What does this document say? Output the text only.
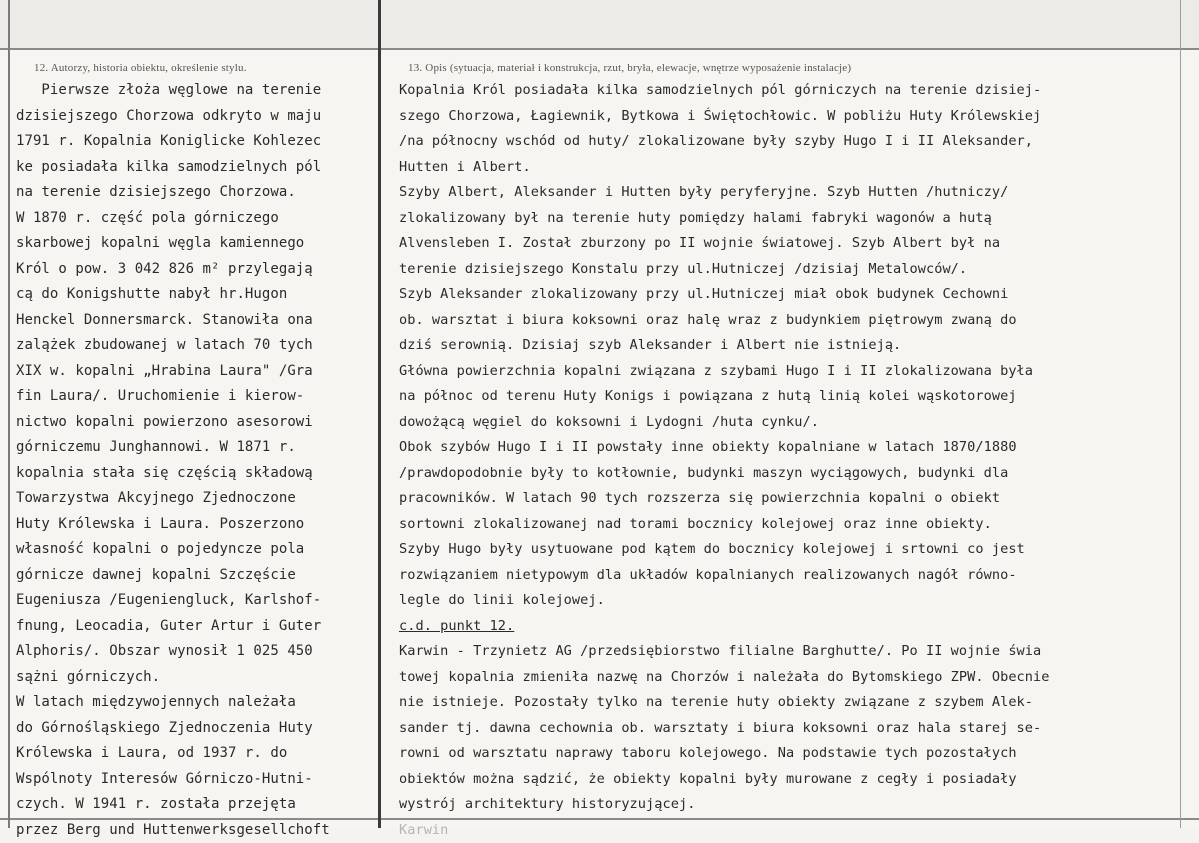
12. Autorzy, historia obiektu, określenie stylu.	13. Opis (sytuacja, materiał i konstrukcja, rzut, bryła, elewacje, wnętrze wyposażenie instalacje)
Pierwsze złoża węglowe na terenie
dzisiejszego Chorzowa odkryto w maju
1791 r. Kopalnia Koniglicke Kohlezec
ke posiadała kilka samodzielnych pól
na terenie dzisiejszego Chorzowa.
W 1870 r. część pola górniczego
skarbowej kopalni węgla kamiennego
Król o pow. 3 042 826 m² przylegają
cą do Konigshutte nabył hr.Hugon
Henckel Donnersmarck. Stanowiła ona
zalążek zbudowanej w latach 70 tych
XIX w. kopalni „Hrabina Laura" /Gra
fin Laura/. Uruchomienie i kierow-
nictwo kopalni powierzono asesorowi
górniczemu Junghannowi. W 1871 r.
kopalnia stała się częścią składową
Towarzystwa Akcyjnego Zjednoczone
Huty Królewska i Laura. Poszerzono
własność kopalni o pojedyncze pola
górnicze dawnej kopalni Szczęście
Eugeniusza /Eugeniengluck, Karlshof-
fnung, Leocadia, Guter Artur i Guter
Alphoris/. Obszar wynosił 1 025 450
sążni górniczych.
W latach międzywojennych należała
do Górnośląskiego Zjednoczenia Huty
Królewska i Laura, od 1937 r. do
Wspólnoty Interesów Górniczo-Hutni-
czych. W 1941 r. została przejęta
przez Berg und Huttenwerksgesellchoft
Kopalnia Król posiadała kilka samodzielnych pól górniczych na terenie dzisiej-
szego Chorzowa, Łagiewnik, Bytkowa i Świętochłowic. W pobliżu Huty Królewskiej
/na północny wschód od huty/ zlokalizowane były szyby Hugo I i II Aleksander,
Hutten i Albert.
Szyby Albert, Aleksander i Hutten były peryferyjne. Szyb Hutten /hutniczy/
zlokalizowany był na terenie huty pomiędzy halami fabryki wagonów a hutą
Alvensleben I. Został zburzony po II wojnie światowej. Szyb Albert był na
terenie dzisiejszego Konstalu przy ul.Hutniczej /dzisiaj Metalowców/.
Szyb Aleksander zlokalizowany przy ul.Hutniczej miał obok budynek Cechowni
ob. warsztat i biura koksowni oraz halę wraz z budynkiem piętrowym zwaną do
dziś serownią. Dzisiaj szyb Aleksander i Albert nie istnieją.
Główna powierzchnia kopalni związana z szybami Hugo I i II zlokalizowana była
na północ od terenu Huty Konigs i powiązana z hutą linią kolei wąskotorowej
dowożącą węgiel do koksowni i Lydogni /huta cynku/.
Obok szybów Hugo I i II powstały inne obiekty kopalniane w latach 1870/1880
/prawdopodobnie były to kotłownie, budynki maszyn wyciągowych, budynki dla
pracowników. W latach 90 tych rozszerza się powierzchnia kopalni o obiekt
sortowni zlokalizowanej nad torami bocznicy kolejowej oraz inne obiekty.
Szyby Hugo były usytuowane pod kątem do bocznicy kolejowej i srtowni co jest
rozwiązaniem nietypowym dla układów kopalnianych realizowanych nagół równo-
legle do linii kolejowej.
c.d. punkt 12.
Karwin - Trzynietz AG /przedsiębiorstwo filialne Barghutte/. Po II wojnie świa
towej kopalnia zmieniła nazwę na Chorzów i należała do Bytomskiego ZPW. Obecnie
nie istnieje. Pozostały tylko na terenie huty obiekty związane z szybem Alek-
sander tj. dawna cechownia ob. warsztaty i biura koksowni oraz hala starej se-
rowni od warsztatu naprawy taboru kolejowego. Na podstawie tych pozostałych
obiektów można sądzić, że obiekty kopalni były murowane z cegły i posiadały
wystrój architektury historyzującej.
Karwin
